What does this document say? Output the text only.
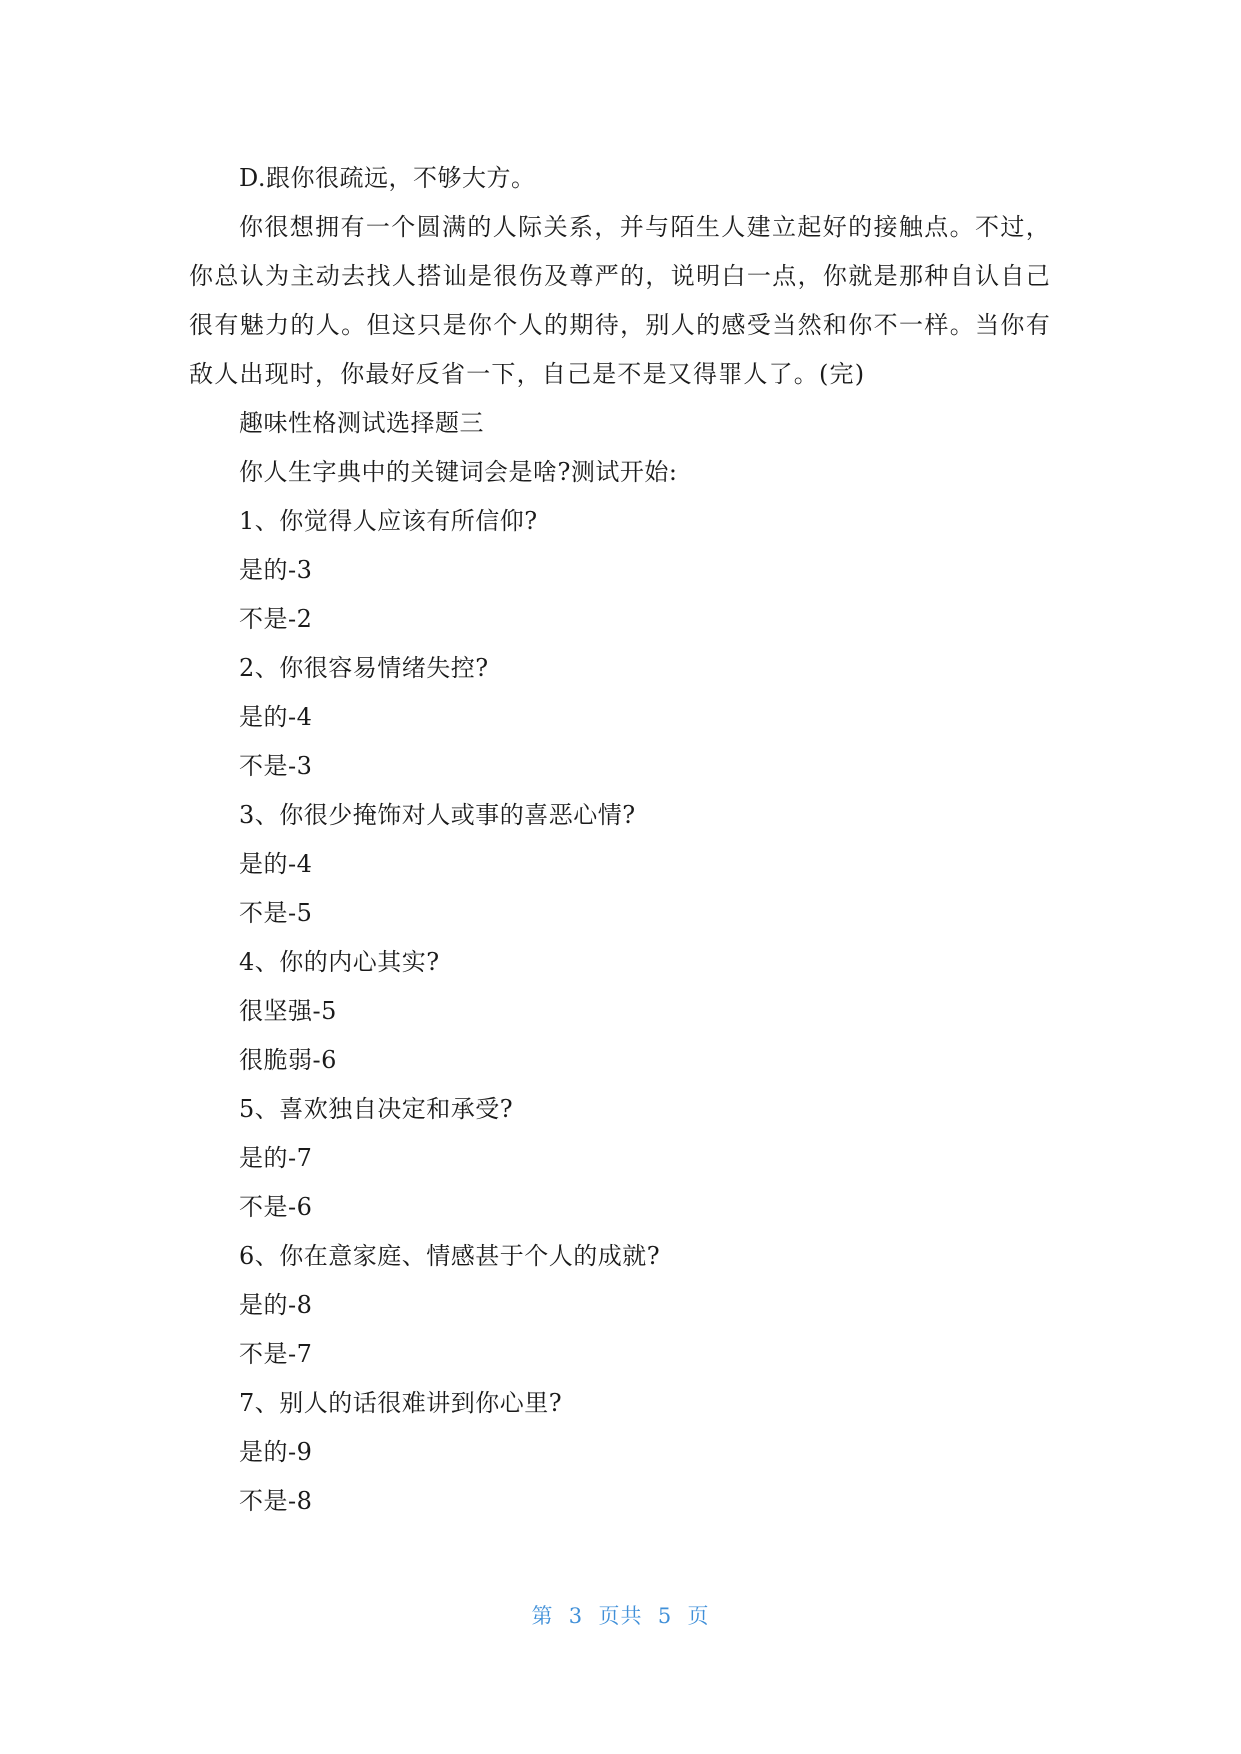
D.跟你很疏远，不够大方。
你很想拥有一个圆满的人际关系，并与陌生人建立起好的接触点。不过，你总认为主动去找人搭讪是很伤及尊严的，说明白一点，你就是那种自认自己很有魅力的人。但这只是你个人的期待，别人的感受当然和你不一样。当你有敌人出现时，你最好反省一下，自己是不是又得罪人了。(完)
趣味性格测试选择题三
你人生字典中的关键词会是啥?测试开始:
1、你觉得人应该有所信仰?
是的-3
不是-2
2、你很容易情绪失控?
是的-4
不是-3
3、你很少掩饰对人或事的喜恶心情?
是的-4
不是-5
4、你的内心其实?
很坚强-5
很脆弱-6
5、喜欢独自决定和承受?
是的-7
不是-6
6、你在意家庭、情感甚于个人的成就?
是的-8
不是-7
7、别人的话很难讲到你心里?
是的-9
不是-8
第  3  页共  5  页
